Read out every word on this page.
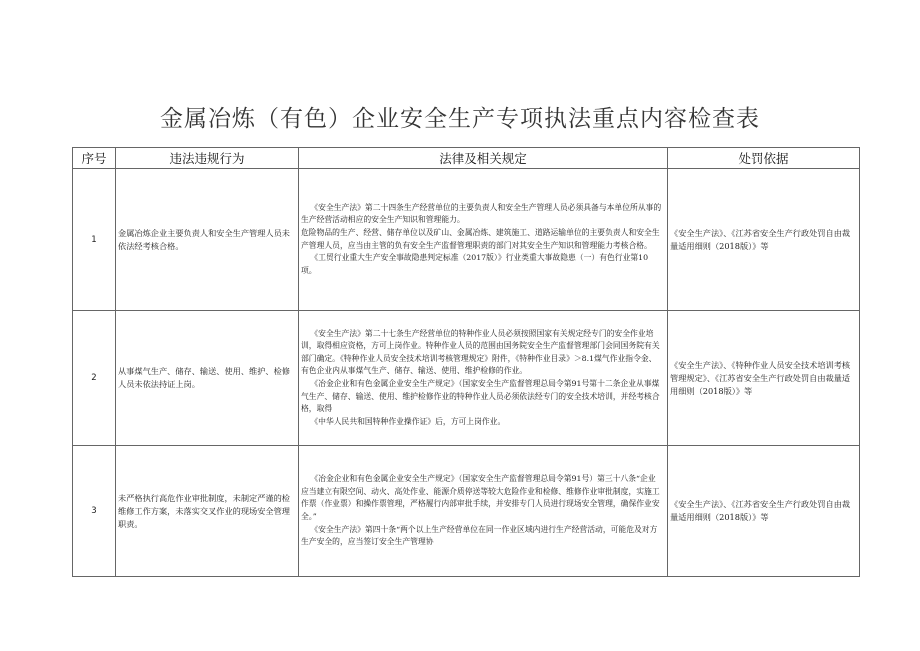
金属冶炼（有色）企业安全生产专项执法重点内容检查表
序号	违法违规行为	法律及相关规定	处罚依据
1	金属冶炼企业主要负责人和安全生产管理人员未依法经考核合格。	《安全生产法》第二十四条生产经营单位的主要负责人和安全生产管理人员必须具备与本单位所从事的生产经营活动相应的安全生产知识和管理能力。

危险物品的生产、经营、储存单位以及矿山、金属冶炼、建筑施工、道路运输单位的主要负责人和安全生产管理人员，应当由主管的负有安全生产监督管理职责的部门对其安全生产知识和管理能力考核合格。

《工贸行业重大生产安全事故隐患判定标准（2017版）》行业类重大事故隐患（一）有色行业第10项。	《安全生产法》、《江苏省安全生产行政处罚自由裁量适用细则（2018版）》等
2	从事煤气生产、储存、输送、使用、维护、检修人员未依法持证上岗。	《安全生产法》第二十七条生产经营单位的特种作业人员必须按照国家有关规定经专门的安全作业培训，取得相应资格，方可上岗作业。特种作业人员的范围由国务院安全生产监督管理部门会同国务院有关部门确定。《特种作业人员安全技术培训考核管理规定》附件，《特种作业目录》＞8.1煤气作业指令金、有色企业内从事煤气生产、储存、输送、使用、维护检修的作业。

《冶金企业和有色金属企业安全生产规定》（国家安全生产监督管理总局令第91号第十二条企业从事煤气生产、储存、输送、使用、维护检修作业的特种作业人员必须依法经专门的安全技术培训，并经考核合格，取得

《中华人民共和国特种作业操作证》后，方可上岗作业。	《安全生产法》、《特种作业人员安全技术培训考核管理规定》、《江苏省安全生产行政处罚自由裁量适用细则（2018版）》等
3	未严格执行高危作业审批制度，未制定严谨的检维修工作方案，未落实交叉作业的现场安全管理职责。	《冶金企业和有色金属企业安全生产规定》（国家安全生产监督管理总局令第91号）第三十八条“企业应当建立有限空间、动火、高处作业、能源介质停送等较大危险作业和检修、维修作业审批制度，实施工作票（作业票）和操作票管理，严格履行内部审批手续，并安排专门人员进行现场安全管理，确保作业安全。”

《安全生产法》第四十条“两个以上生产经营单位在同一作业区域内进行生产经营活动，可能危及对方生产安全的，应当签订安全生产管理协	《安全生产法》、《江苏省安全生产行政处罚自由裁量适用细则（2018版）》等
